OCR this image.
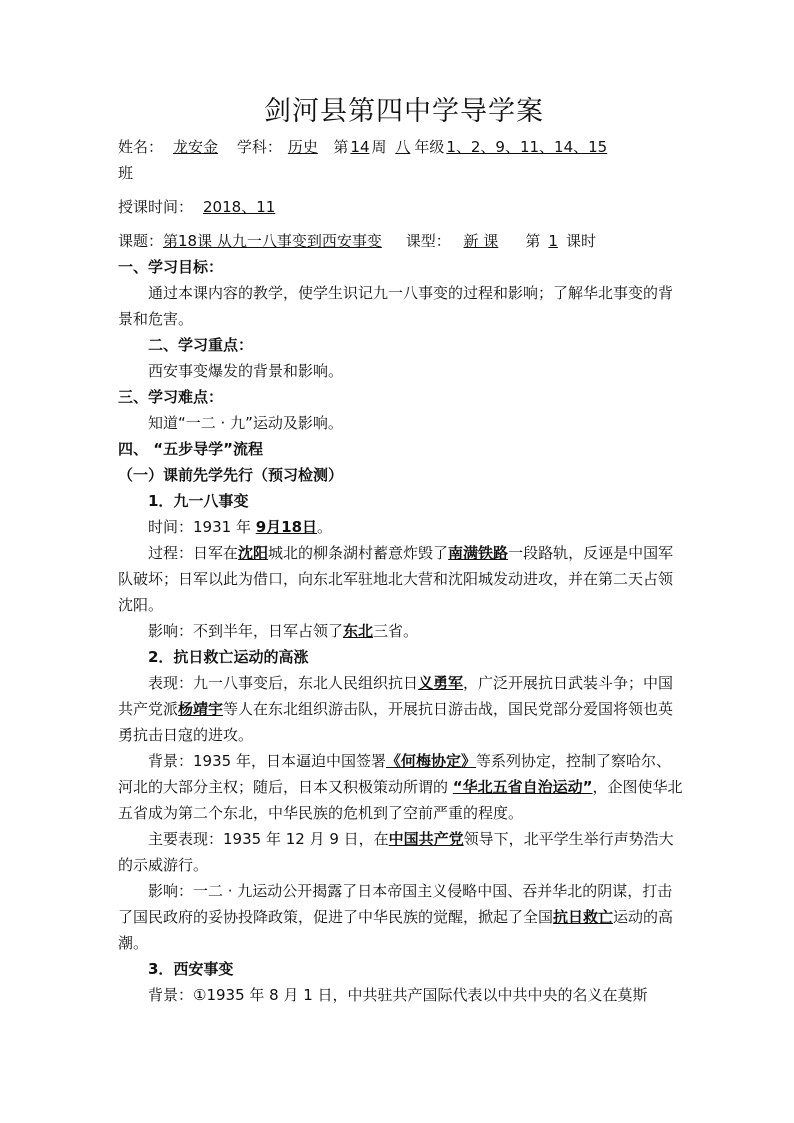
剑河县第四中学导学案

姓名： 龙安金 学科： 历史 第 14 周 八 年级 1、2、9、11、14、15

班

授课时间： 2018、11

课题：第18课 从九一八事变到西安事变 课型： 新 课 第 1 课时

一、学习目标：

通过本课内容的教学，使学生识记九一八事变的过程和影响；了解华北事变的背景和危害。

二、学习重点：

西安事变爆发的背景和影响。

三、学习难点：

知道“一二 · 九”运动及影响。

四、 “五步导学”流程

（一）课前先学先行（预习检测）

1．九一八事变

时间：1931 年 9月18日。

过程：日军在沈阳城北的柳条湖村蓄意炸毁了南满铁路一段路轨，反诬是中国军队破坏；日军以此为借口，向东北军驻地北大营和沈阳城发动进攻，并在第二天占领沈阳。

影响：不到半年，日军占领了东北三省。

2．抗日救亡运动的高涨

表现：九一八事变后，东北人民组织抗日义勇军，广泛开展抗日武装斗争；中国共产党派杨靖宇等人在东北组织游击队，开展抗日游击战，国民党部分爱国将领也英勇抗击日寇的进攻。

背景：1935 年，日本逼迫中国签署《何梅协定》等系列协定，控制了察哈尔、河北的大部分主权；随后，日本又积极策动所谓的 “华北五省自治运动”，企图使华北五省成为第二个东北，中华民族的危机到了空前严重的程度。

主要表现：1935 年 12 月 9 日，在中国共产党领导下，北平学生举行声势浩大的示威游行。

影响：一二 · 九运动公开揭露了日本帝国主义侵略中国、吞并华北的阴谋，打击了国民政府的妥协投降政策，促进了中华民族的觉醒，掀起了全国抗日救亡运动的高潮。

3．西安事变

背景：①1935 年 8 月 1 日，中共驻共产国际代表以中共中央的名义在莫斯
